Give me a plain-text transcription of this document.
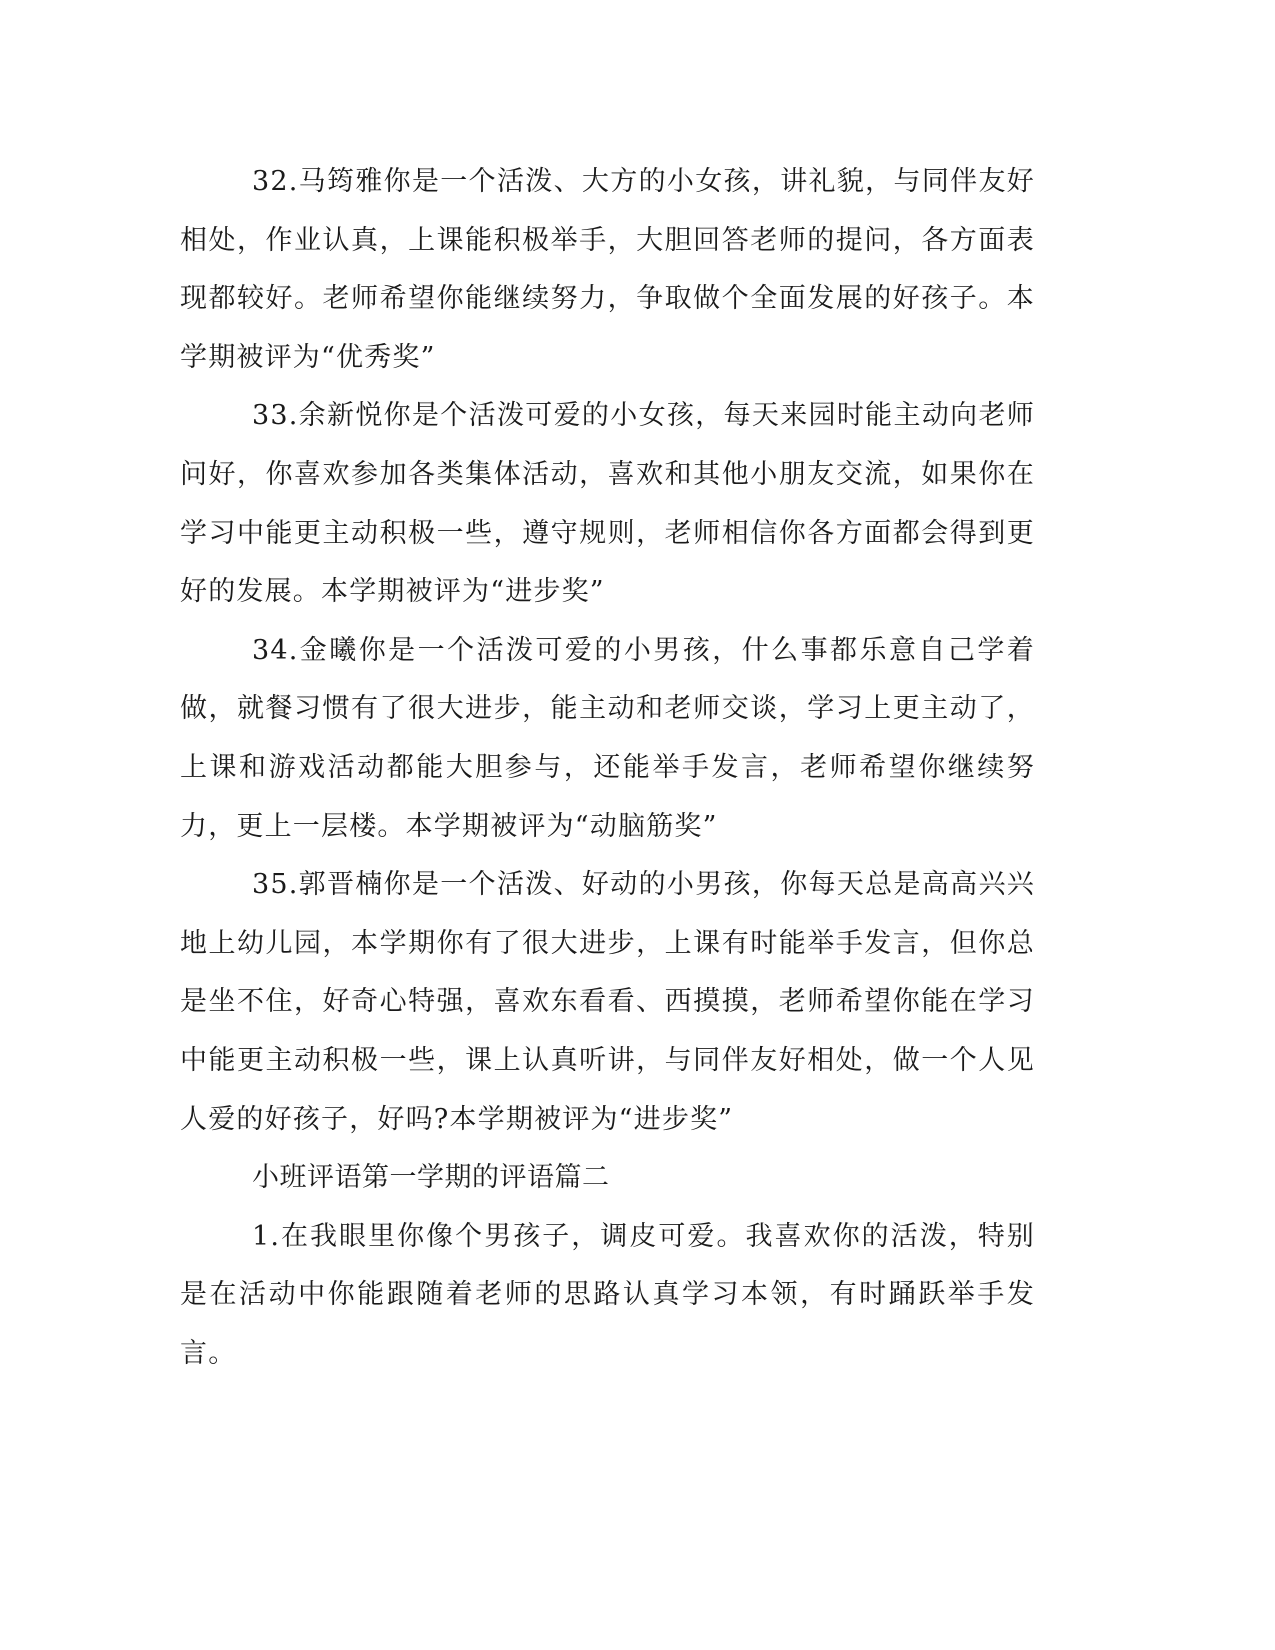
32.马筠雅你是一个活泼、大方的小女孩，讲礼貌，与同伴友好相处，作业认真，上课能积极举手，大胆回答老师的提问，各方面表现都较好。老师希望你能继续努力，争取做个全面发展的好孩子。本学期被评为“优秀奖”

33.余新悦你是个活泼可爱的小女孩，每天来园时能主动向老师问好，你喜欢参加各类集体活动，喜欢和其他小朋友交流，如果你在学习中能更主动积极一些，遵守规则，老师相信你各方面都会得到更好的发展。本学期被评为“进步奖”

34.金曦你是一个活泼可爱的小男孩，什么事都乐意自己学着做，就餐习惯有了很大进步，能主动和老师交谈，学习上更主动了，上课和游戏活动都能大胆参与，还能举手发言，老师希望你继续努力，更上一层楼。本学期被评为“动脑筋奖”

35.郭晋楠你是一个活泼、好动的小男孩，你每天总是高高兴兴地上幼儿园，本学期你有了很大进步，上课有时能举手发言，但你总是坐不住，好奇心特强，喜欢东看看、西摸摸，老师希望你能在学习中能更主动积极一些，课上认真听讲，与同伴友好相处，做一个人见人爱的好孩子，好吗?本学期被评为“进步奖”

小班评语第一学期的评语篇二

1.在我眼里你像个男孩子，调皮可爱。我喜欢你的活泼，特别是在活动中你能跟随着老师的思路认真学习本领，有时踊跃举手发言。
